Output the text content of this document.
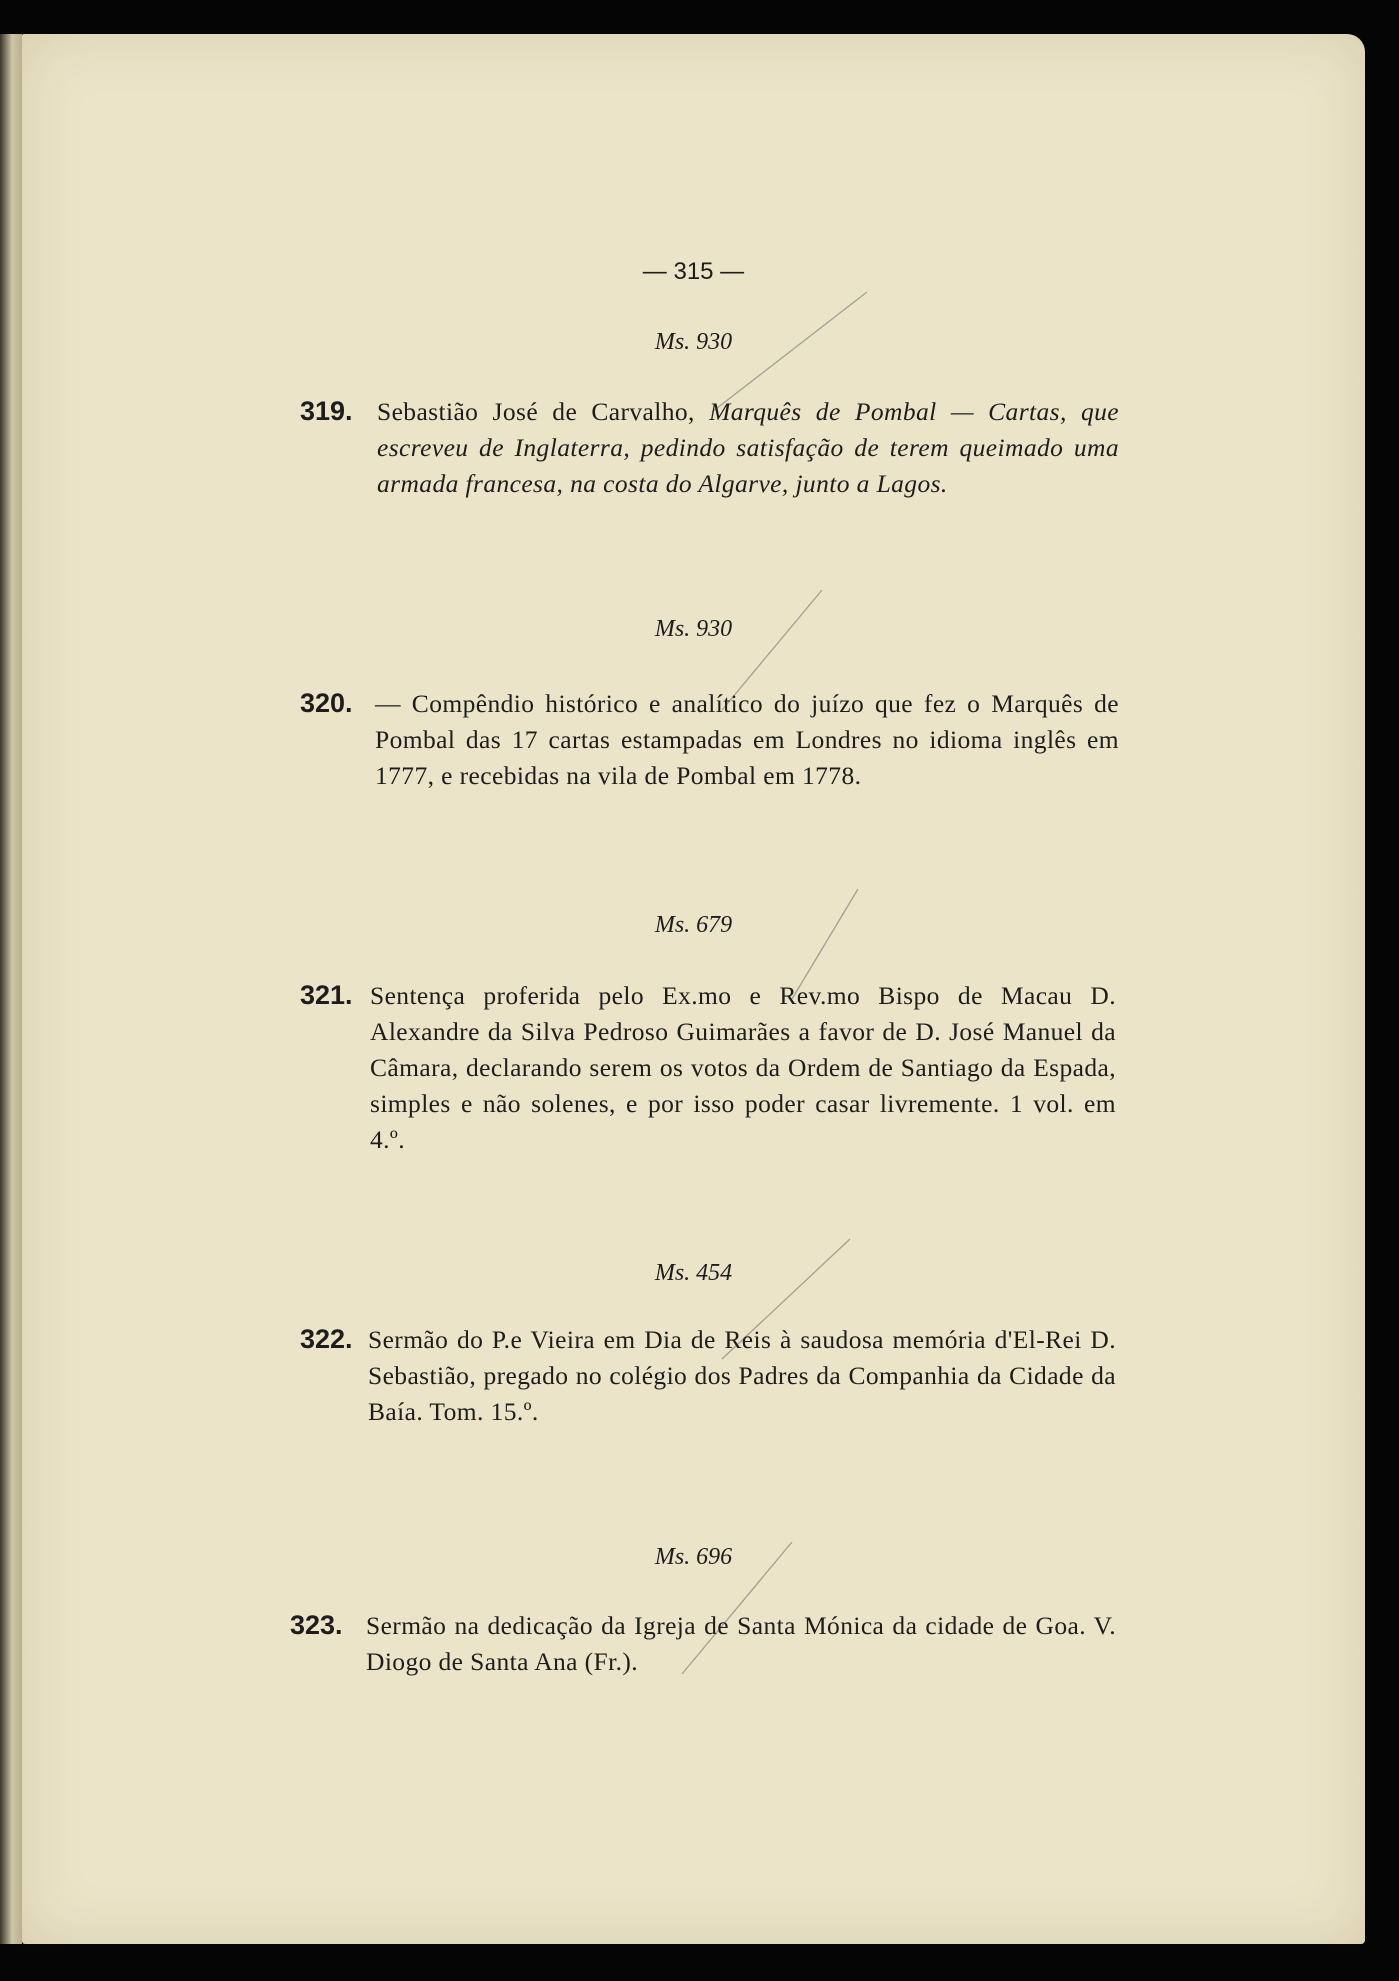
— 315 —
Ms. 930
319. Sebastião José de Carvalho, Marquês de Pombal — Cartas, que escreveu de Inglaterra, pedindo satisfação de terem queimado uma armada francesa, na costa do Algarve, junto a Lagos.
Ms. 930
320. — Compêndio histórico e analítico do juízo que fez o Marquês de Pombal das 17 cartas estampadas em Londres no idioma inglês em 1777, e recebidas na vila de Pombal em 1778.
Ms. 679
321. Sentença proferida pelo Ex.mo e Rev.mo Bispo de Macau D. Alexandre da Silva Pedroso Guimarães a favor de D. José Manuel da Câmara, declarando serem os votos da Ordem de Santiago da Espada, simples e não solenes, e por isso poder casar livremente. 1 vol. em 4.º.
Ms. 454
322. Sermão do P.e Vieira em Dia de Reis à saudosa memória d'El-Rei D. Sebastião, pregado no colégio dos Padres da Companhia da Cidade da Baía. Tom. 15.º.
Ms. 696
323. Sermão na dedicação da Igreja de Santa Mónica da cidade de Goa. V. Diogo de Santa Ana (Fr.).
